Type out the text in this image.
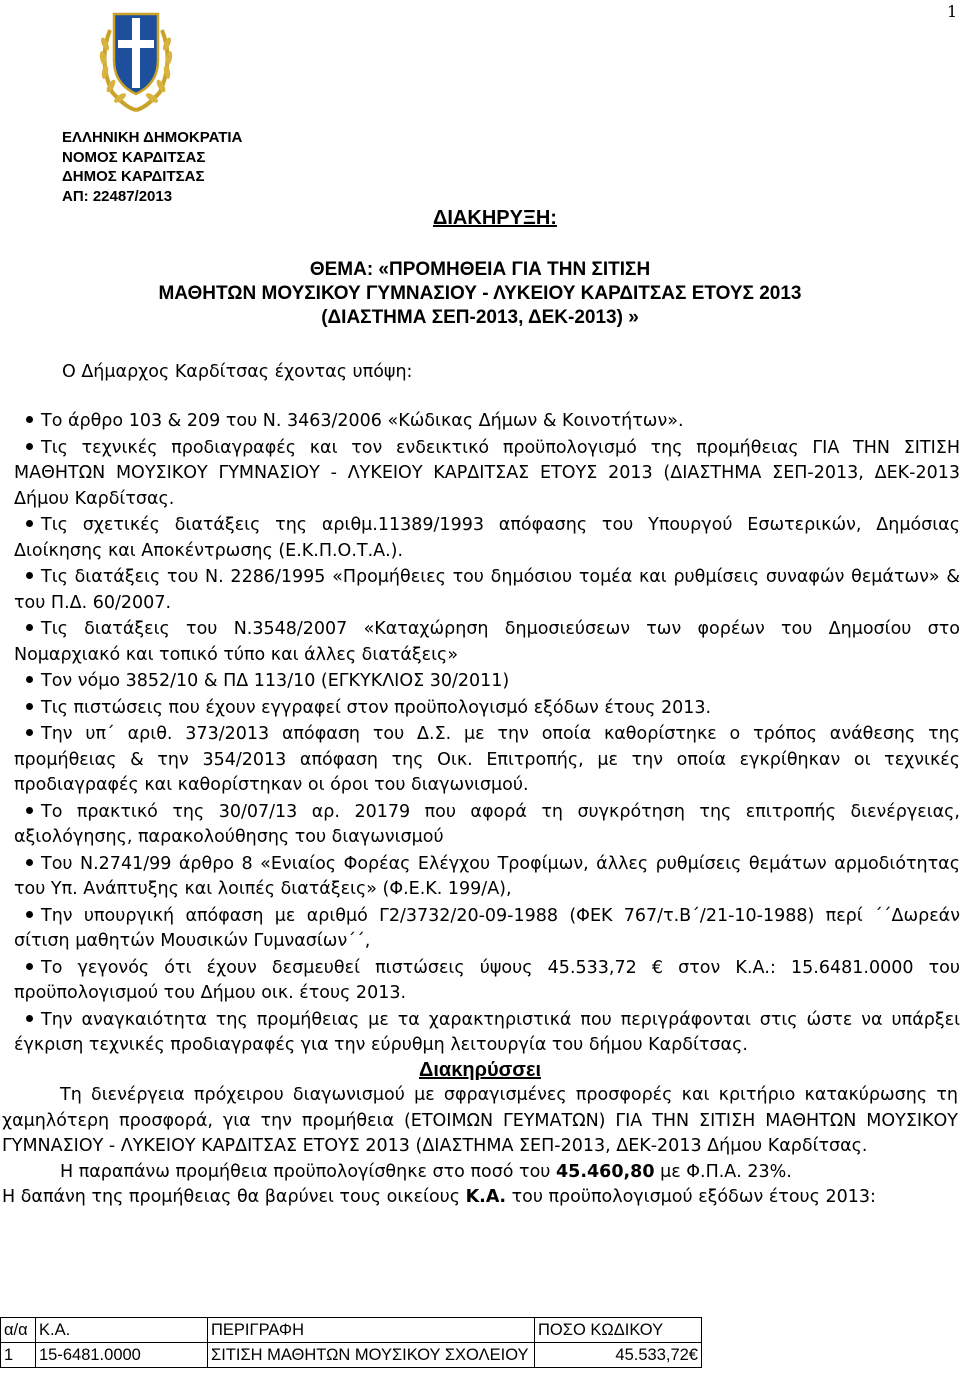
1
ΕΛΛΗΝΙΚΗ ΔΗΜΟΚΡΑΤΙΑ
ΝΟΜΟΣ ΚΑΡΔΙΤΣΑΣ
ΔΗΜΟΣ ΚΑΡΔΙΤΣΑΣ
ΑΠ: 22487/2013
ΔΙΑΚΗΡΥΞΗ:
ΘΕΜΑ: «ΠΡΟΜΗΘΕΙΑ ΓΙΑ ΤΗΝ ΣΙΤΙΣΗ
ΜΑΘΗΤΩΝ ΜΟΥΣΙΚΟΥ ΓΥΜΝΑΣΙΟΥ - ΛΥΚΕΙΟΥ ΚΑΡΔΙΤΣΑΣ ΕΤΟΥΣ 2013
(ΔΙΑΣΤΗΜΑ ΣΕΠ-2013, ΔΕΚ-2013) »
Ο Δήμαρχος Καρδίτσας έχοντας υπόψη:
Το άρθρο 103 & 209 του Ν. 3463/2006 «Κώδικας Δήμων & Κοινοτήτων».
Τις τεχνικές προδιαγραφές και τον ενδεικτικό προϋπολογισμό της προμήθειας ΓΙΑ ΤΗΝ ΣΙΤΙΣΗ ΜΑΘΗΤΩΝ ΜΟΥΣΙΚΟΥ ΓΥΜΝΑΣΙΟΥ - ΛΥΚΕΙΟΥ ΚΑΡΔΙΤΣΑΣ ΕΤΟΥΣ 2013 (ΔΙΑΣΤΗΜΑ ΣΕΠ-2013, ΔΕΚ-2013 Δήμου Καρδίτσας.
Τις σχετικές διατάξεις της αριθμ.11389/1993 απόφασης του Υπουργού Εσωτερικών, Δημόσιας Διοίκησης και Αποκέντρωσης (Ε.Κ.Π.Ο.Τ.Α.).
Τις διατάξεις του Ν. 2286/1995 «Προμήθειες του δημόσιου τομέα και ρυθμίσεις συναφών θεμάτων» & του Π.Δ. 60/2007.
Τις διατάξεις του Ν.3548/2007 «Καταχώρηση δημοσιεύσεων των φορέων του Δημοσίου στο Νομαρχιακό και τοπικό τύπο και άλλες διατάξεις»
Τον νόμο 3852/10 & ΠΔ 113/10 (ΕΓΚΥΚΛΙΟΣ 30/2011)
Τις πιστώσεις που έχουν εγγραφεί στον προϋπολογισμό εξόδων έτους 2013.
Την υπ΄ αριθ. 373/2013 απόφαση του Δ.Σ. με την οποία καθορίστηκε ο τρόπος ανάθεσης της προμήθειας & την 354/2013 απόφαση της Οικ. Επιτροπής, με την οποία εγκρίθηκαν οι τεχνικές προδιαγραφές και καθορίστηκαν οι όροι του διαγωνισμού.
Το πρακτικό της 30/07/13 αρ. 20179 που αφορά τη συγκρότηση της επιτροπής διενέργειας, αξιολόγησης, παρακολούθησης του διαγωνισμού
Του Ν.2741/99 άρθρο 8 «Ενιαίος Φορέας Ελέγχου Τροφίμων, άλλες ρυθμίσεις θεμάτων αρμοδιότητας του Υπ. Ανάπτυξης και λοιπές διατάξεις» (Φ.Ε.Κ. 199/Α),
Την υπουργική απόφαση με αριθμό Γ2/3732/20-09-1988 (ΦΕΚ 767/τ.Β΄/21-10-1988) περί ΄΄Δωρεάν σίτιση μαθητών Μουσικών Γυμνασίων΄΄,
Το γεγονός ότι έχουν δεσμευθεί πιστώσεις ύψους 45.533,72 € στον Κ.Α.: 15.6481.0000 του προϋπολογισμού του Δήμου οικ. έτους 2013.
Την αναγκαιότητα της προμήθειας με τα χαρακτηριστικά που περιγράφονται στις ώστε να υπάρξει έγκριση τεχνικές προδιαγραφές για την εύρυθμη λειτουργία του δήμου Καρδίτσας.
Διακηρύσσει

Τη διενέργεια πρόχειρου διαγωνισμού με σφραγισμένες προσφορές και κριτήριο κατακύρωσης τη χαμηλότερη προσφορά, για την προμήθεια (ΕΤΟΙΜΩΝ ΓΕΥΜΑΤΩΝ) ΓΙΑ ΤΗΝ ΣΙΤΙΣΗ ΜΑΘΗΤΩΝ ΜΟΥΣΙΚΟΥ ΓΥΜΝΑΣΙΟΥ - ΛΥΚΕΙΟΥ ΚΑΡΔΙΤΣΑΣ ΕΤΟΥΣ 2013 (ΔΙΑΣΤΗΜΑ ΣΕΠ-2013, ΔΕΚ-2013 Δήμου Καρδίτσας.

Η παραπάνω προμήθεια προϋπολογίσθηκε στο ποσό του 45.460,80 με Φ.Π.Α. 23%.

Η δαπάνη της προμήθειας θα βαρύνει τους οικείους Κ.Α. του προϋπολογισμού εξόδων έτους 2013:

α/α	Κ.Α.	ΠΕΡΙΓΡΑΦΗ	ΠΟΣΟ ΚΩΔΙΚΟΥ
1	15-6481.0000	ΣΙΤΙΣΗ ΜΑΘΗΤΩΝ ΜΟΥΣΙΚΟΥ ΣΧΟΛΕΙΟΥ	45.533,72€
